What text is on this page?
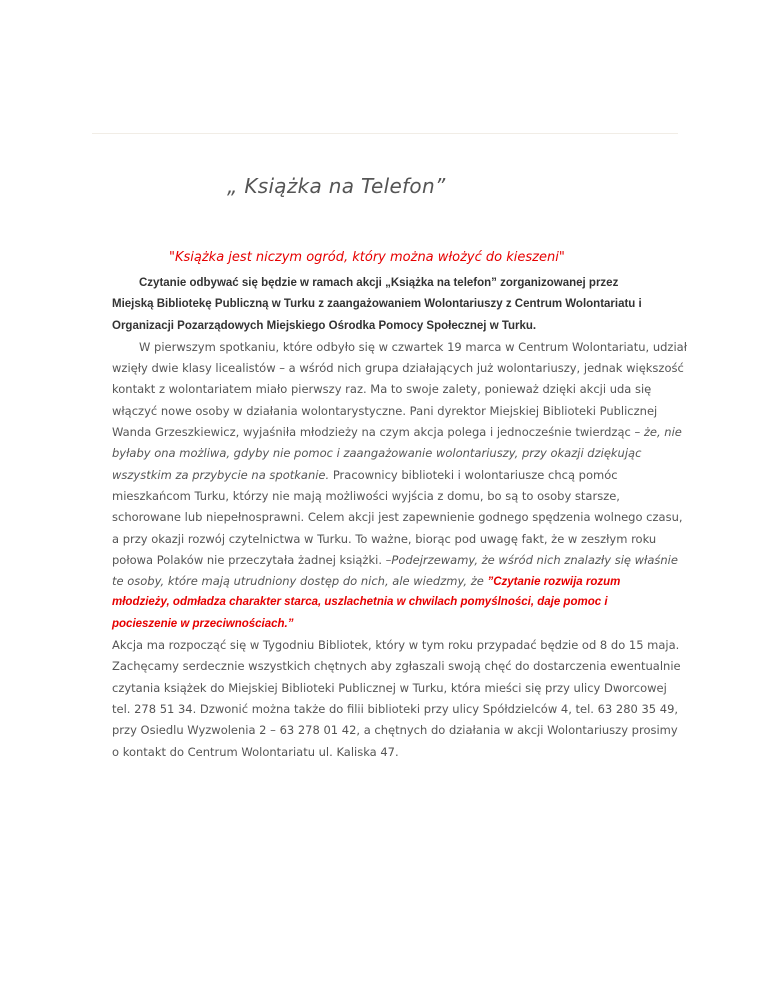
„ Książka na Telefon”

"Książka jest niczym ogród, który można włożyć do kieszeni"

Czytanie odbywać się będzie w ramach akcji „Książka na telefon” zorganizowanej przez
Miejską Bibliotekę Publiczną w Turku z zaangażowaniem Wolontariuszy z Centrum Wolontariatu i
Organizacji Pozarządowych Miejskiego Ośrodka Pomocy Społecznej w Turku.
W pierwszym spotkaniu, które odbyło się w czwartek 19 marca w Centrum Wolontariatu, udział
wzięły dwie klasy licealistów – a wśród nich grupa działających już wolontariuszy, jednak większość
kontakt z wolontariatem miało pierwszy raz. Ma to swoje zalety, ponieważ dzięki akcji uda się
włączyć nowe osoby w działania wolontarystyczne. Pani dyrektor Miejskiej Biblioteki Publicznej
Wanda Grzeszkiewicz, wyjaśniła młodzieży na czym akcja polega i jednocześnie twierdząc – że, nie
byłaby ona możliwa, gdyby nie pomoc i zaangażowanie wolontariuszy, przy okazji dziękując
wszystkim za przybycie na spotkanie. Pracownicy biblioteki i wolontariusze chcą pomóc
mieszkańcom Turku, którzy nie mają możliwości wyjścia z domu, bo są to osoby starsze,
schorowane lub niepełnosprawni. Celem akcji jest zapewnienie godnego spędzenia wolnego czasu,
a przy okazji rozwój czytelnictwa w Turku. To ważne, biorąc pod uwagę fakt, że w zeszłym roku
połowa Polaków nie przeczytała żadnej książki. –Podejrzewamy, że wśród nich znalazły się właśnie
te osoby, które mają utrudniony dostęp do nich, ale wiedzmy, że ”Czytanie rozwija rozum
młodzieży, odmładza charakter starca, uszlachetnia w chwilach pomyślności, daje pomoc i
pocieszenie w przeciwnościach.”
Akcja ma rozpocząć się w Tygodniu Bibliotek, który w tym roku przypadać będzie od 8 do 15 maja.
Zachęcamy serdecznie wszystkich chętnych aby zgłaszali swoją chęć do dostarczenia ewentualnie
czytania książek do Miejskiej Biblioteki Publicznej w Turku, która mieści się przy ulicy Dworcowej
tel. 278 51 34. Dzwonić można także do filii biblioteki przy ulicy Spółdzielców 4, tel. 63 280 35 49,
przy Osiedlu Wyzwolenia 2 – 63 278 01 42, a chętnych do działania w akcji Wolontariuszy prosimy
o kontakt do Centrum Wolontariatu ul. Kaliska 47.
